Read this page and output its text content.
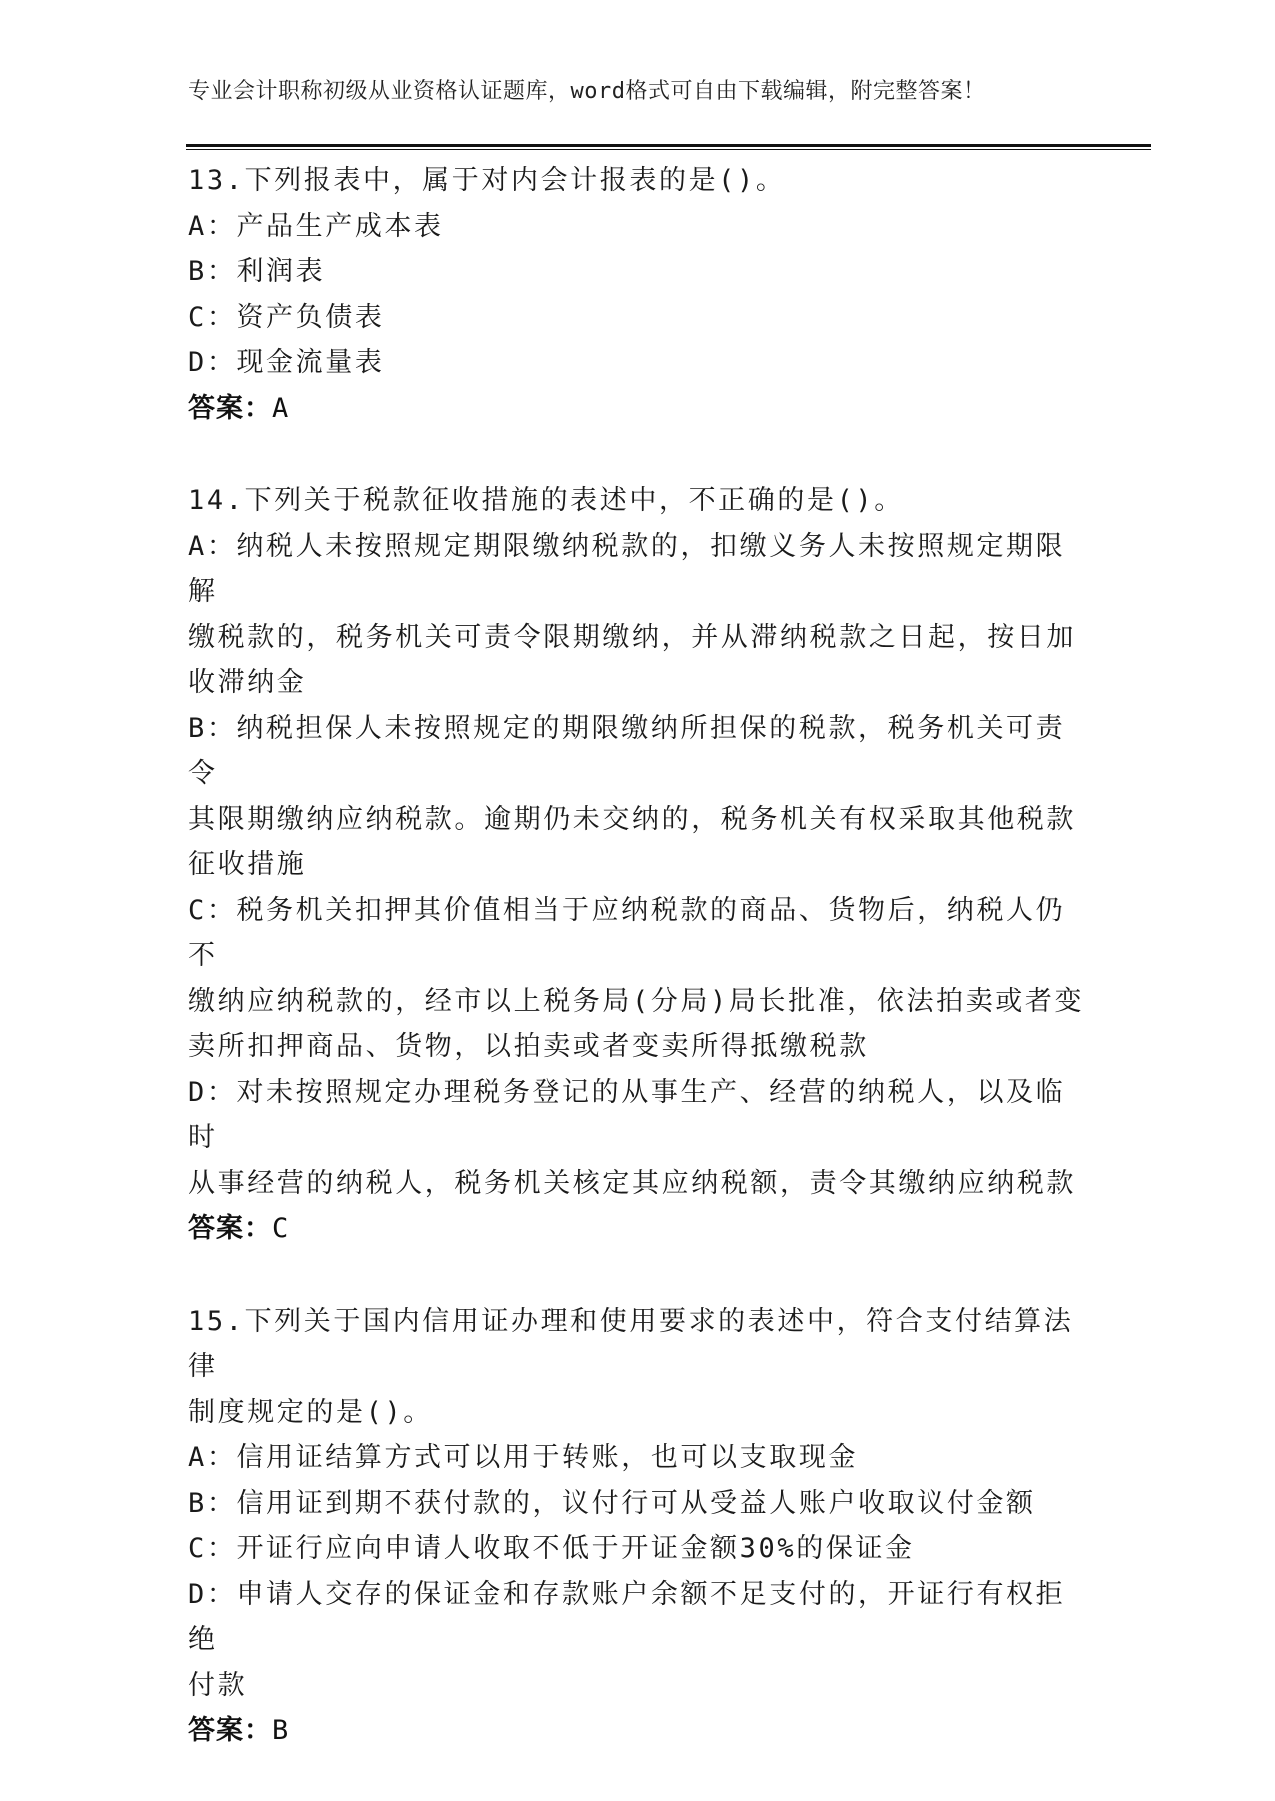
专业会计职称初级从业资格认证题库，word格式可自由下载编辑，附完整答案！
13.下列报表中，属于对内会计报表的是()。
A：产品生产成本表
B：利润表
C：资产负债表
D：现金流量表
答案：A
14.下列关于税款征收措施的表述中，不正确的是()。
A：纳税人未按照规定期限缴纳税款的，扣缴义务人未按照规定期限解
缴税款的，税务机关可责令限期缴纳，并从滞纳税款之日起，按日加
收滞纳金
B：纳税担保人未按照规定的期限缴纳所担保的税款，税务机关可责令
其限期缴纳应纳税款。逾期仍未交纳的，税务机关有权采取其他税款
征收措施
C：税务机关扣押其价值相当于应纳税款的商品、货物后，纳税人仍不
缴纳应纳税款的，经市以上税务局(分局)局长批准，依法拍卖或者变
卖所扣押商品、货物，以拍卖或者变卖所得抵缴税款
D：对未按照规定办理税务登记的从事生产、经营的纳税人，以及临时
从事经营的纳税人，税务机关核定其应纳税额，责令其缴纳应纳税款
答案：C
15.下列关于国内信用证办理和使用要求的表述中，符合支付结算法律
制度规定的是()。
A：信用证结算方式可以用于转账，也可以支取现金
B：信用证到期不获付款的，议付行可从受益人账户收取议付金额
C：开证行应向申请人收取不低于开证金额30%的保证金
D：申请人交存的保证金和存款账户余额不足支付的，开证行有权拒绝
付款
答案：B
